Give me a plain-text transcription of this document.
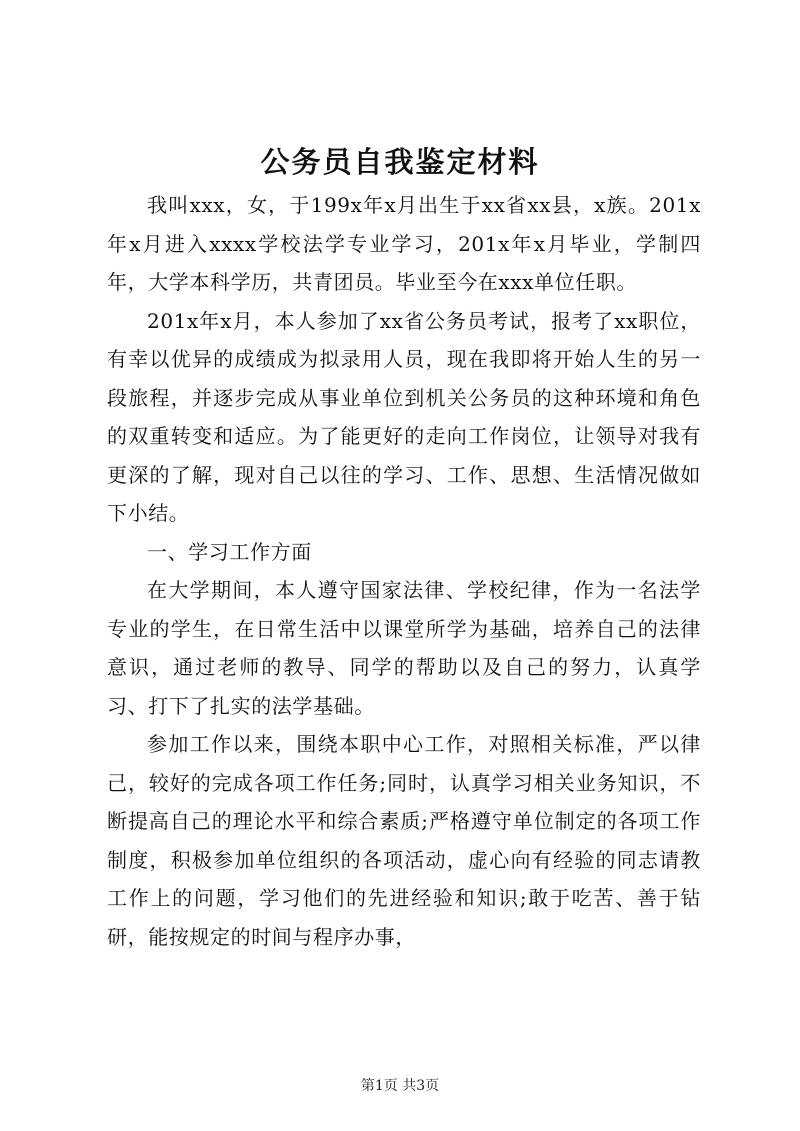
公务员自我鉴定材料

我叫xxx，女，于199x年x月出生于xx省xx县，x族。201x年x月进入xxxx学校法学专业学习，201x年x月毕业，学制四年，大学本科学历，共青团员。毕业至今在xxx单位任职。

201x年x月，本人参加了xx省公务员考试，报考了xx职位，有幸以优异的成绩成为拟录用人员，现在我即将开始人生的另一段旅程，并逐步完成从事业单位到机关公务员的这种环境和角色的双重转变和适应。为了能更好的走向工作岗位，让领导对我有更深的了解，现对自己以往的学习、工作、思想、生活情况做如下小结。

一、学习工作方面

在大学期间，本人遵守国家法律、学校纪律，作为一名法学专业的学生，在日常生活中以课堂所学为基础，培养自己的法律意识，通过老师的教导、同学的帮助以及自己的努力，认真学习、打下了扎实的法学基础。

参加工作以来，围绕本职中心工作，对照相关标准，严以律己，较好的完成各项工作任务;同时，认真学习相关业务知识，不断提高自己的理论水平和综合素质;严格遵守单位制定的各项工作制度，积极参加单位组织的各项活动，虚心向有经验的同志请教工作上的问题，学习他们的先进经验和知识;敢于吃苦、善于钻研，能按规定的时间与程序办事，

第1页 共3页
